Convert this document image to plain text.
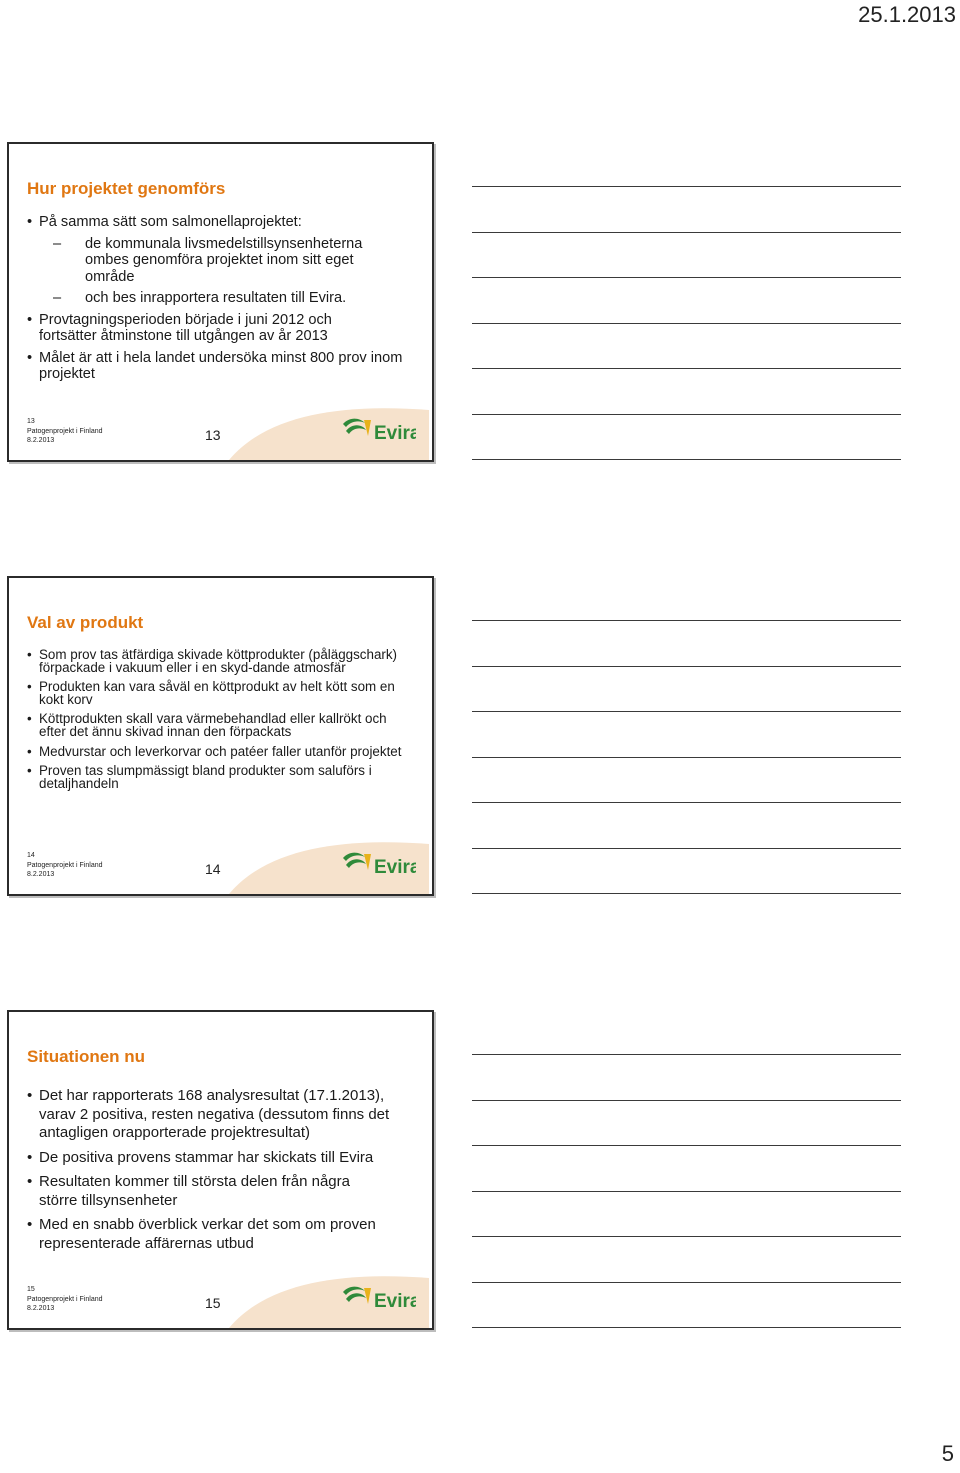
25.1.2013
Hur projektet genomförs
• På samma sätt som salmonellaprojektet:
– de kommunala livsmedelstillsynsenheterna ombes genomföra projektet inom sitt eget område
– och bes inrapportera resultaten till Evira.
• Provtagningsperioden började i juni 2012 och fortsätter åtminstone till utgången av år 2013
• Målet är att i hela landet undersöka minst 800 prov inom projektet
13
Patogenprojekt i Finland
8.2.2013	13	Evira
Val av produkt
• Som prov tas ätfärdiga skivade köttprodukter (påläggschark) förpackade i vakuum eller i en skyd-dande atmosfär
• Produkten kan vara såväl en köttprodukt av helt kött som en kokt korv
• Köttprodukten skall vara värmebehandlad eller kallrökt och efter det ännu skivad innan den förpackats
• Medvurstar och leverkorvar och patéer faller utanför projektet
• Proven tas slumpmässigt bland produkter som saluförs i detaljhandeln
14
Patogenprojekt i Finland
8.2.2013	14	Evira
Situationen nu
• Det har rapporterats 168 analysresultat (17.1.2013), varav 2 positiva, resten negativa (dessutom finns det antagligen orapporterade projektresultat)
• De positiva provens stammar har skickats till Evira
• Resultaten kommer till största delen från några större tillsynsenheter
• Med en snabb överblick verkar det som om proven representerade affärernas utbud
15
Patogenprojekt i Finland
8.2.2013	15	Evira
5
